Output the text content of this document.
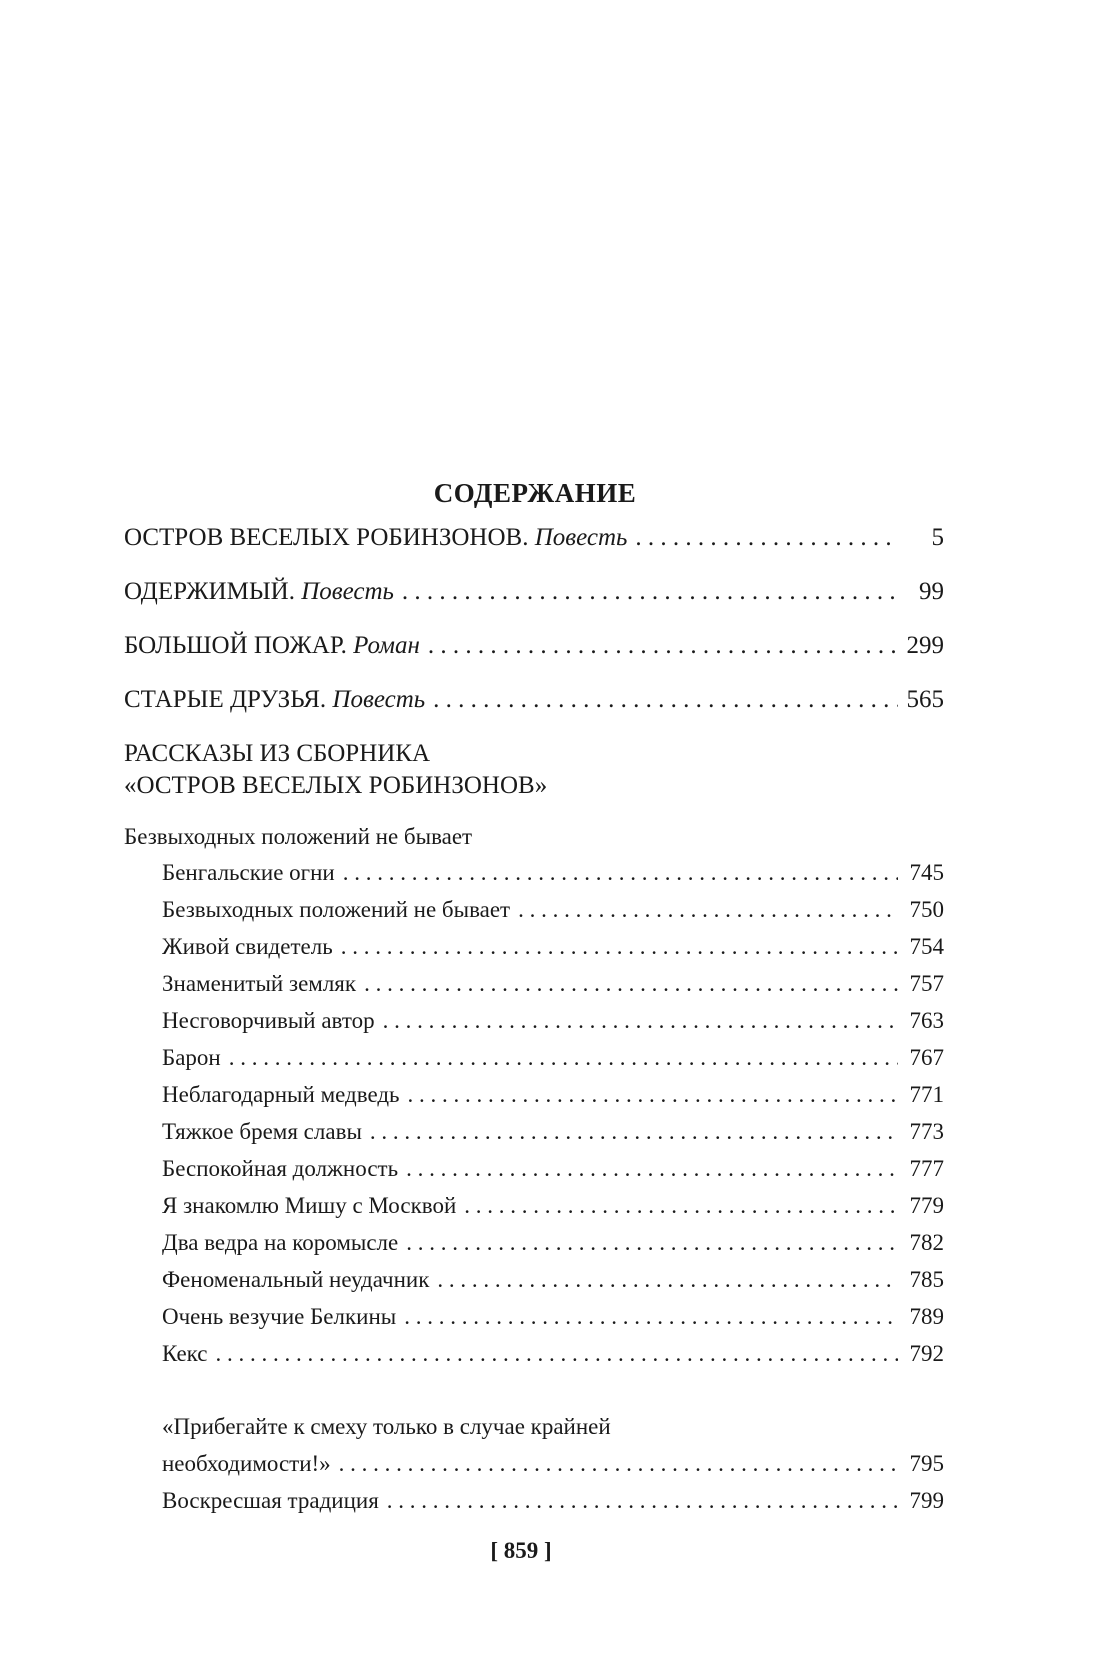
СОДЕРЖАНИЕ
ОСТРОВ ВЕСЕЛЫХ РОБИНЗОНОВ. Повесть . . .	5
ОДЕРЖИМЫЙ. Повесть . . .	99
БОЛЬШОЙ ПОЖАР. Роман . . .	299
СТАРЫЕ ДРУЗЬЯ. Повесть . . .	565
РАССКАЗЫ ИЗ СБОРНИКА
«ОСТРОВ ВЕСЕЛЫХ РОБИНЗОНОВ»
Безвыходных положений не бывает
Бенгальские огни . . .	745
Безвыходных положений не бывает . . .	750
Живой свидетель . . .	754
Знаменитый земляк . . .	757
Несговорчивый автор . . .	763
Барон . . .	767
Неблагодарный медведь . . .	771
Тяжкое бремя славы . . .	773
Беспокойная должность . . .	777
Я знакомлю Мишу с Москвой . . .	779
Два ведра на коромысле . . .	782
Феноменальный неудачник . . .	785
Очень везучие Белкины . . .	789
Кекс . . .	792
«Прибегайте к смеху только в случае крайней
необходимости!» . . .	795
Воскресшая традиция . . .	799
[ 859 ]
